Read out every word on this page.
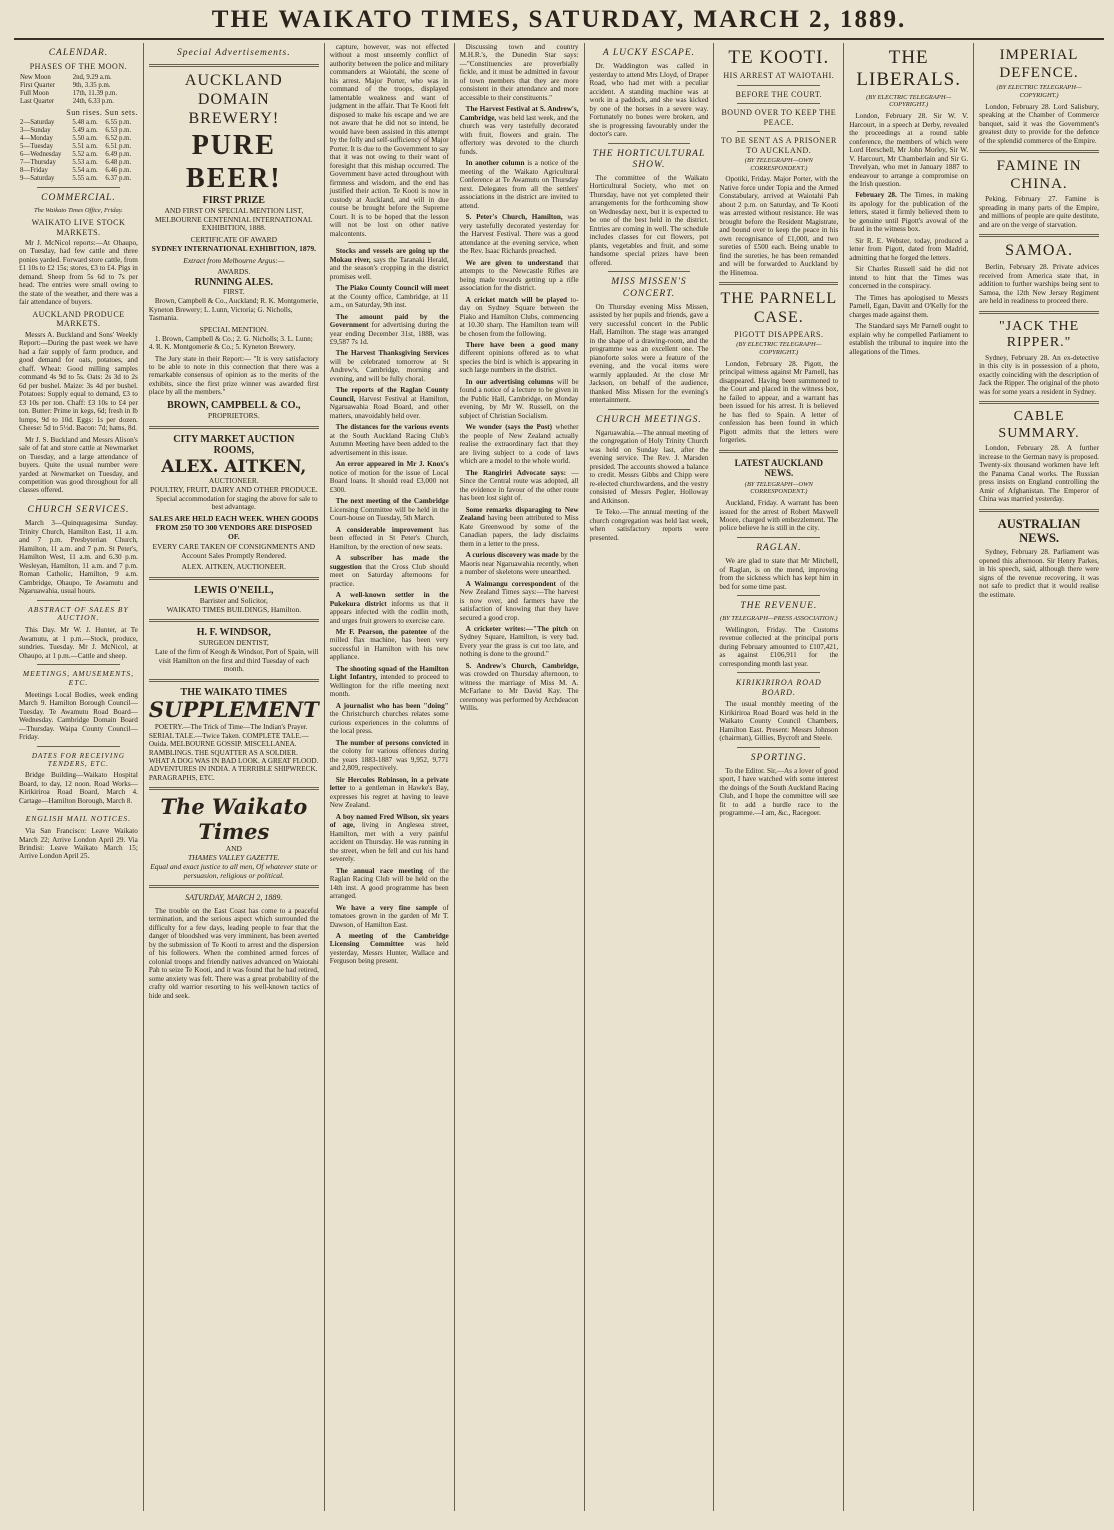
THE WAIKATO TIMES, SATURDAY, MARCH 2, 1889.
CALENDAR.
PHASES OF THE MOON.
New Moon	2nd, 9.29 a.m.
First Quarter	9th, 3.35 p.m.
Full Moon	17th, 11.39 p.m.
Last Quarter	24th, 6.33 p.m.
Sun rises. Sun sets.
2—Saturday	5.48 a.m.	6.55 p.m.
3—Sunday	5.49 a.m.	6.53 p.m.
4—Monday	5.50 a.m.	6.52 p.m.
5—Tuesday	5.51 a.m.	6.51 p.m.
6—Wednesday	5.52 a.m.	6.49 p.m.
7—Thursday	5.53 a.m.	6.48 p.m.
8—Friday	5.54 a.m.	6.46 p.m.
9—Saturday	5.55 a.m.	6.37 p.m.
COMMERCIAL.
The Waikato Times Office, Friday.
WAIKATO LIVE STOCK MARKETS.

Mr J. McNicol reports:—At Ohaupo, on Tuesday, had few cattle and three ponies yarded. Forward store cattle, from £1 10s to £2 15s; stores, £3 to £4. Pigs in demand. Sheep from 5s 6d to 7s per head. The entries were small owing to the state of the weather, and there was a fair attendance of buyers.

AUCKLAND PRODUCE MARKETS.

Messrs A. Buckland and Sons' Weekly Report:—During the past week we have had a fair supply of farm produce, and good demand for oats, potatoes, and chaff. Wheat: Good milling samples command 4s 9d to 5s. Oats: 2s 3d to 2s 6d per bushel. Maize: 3s 4d per bushel. Potatoes: Supply equal to demand, £3 to £3 10s per ton. Chaff: £3 10s to £4 per ton. Butter: Prime in kegs, 6d; fresh in lb lumps, 9d to 10d. Eggs: 1s per dozen. Cheese: 5d to 5½d. Bacon: 7d; hams, 8d.

Mr J. S. Buckland and Messrs Alison's sale of fat and store cattle at Newmarket on Tuesday, and a large attendance of buyers. Quite the usual number were yarded at Newmarket on Tuesday, and competition was good throughout for all classes offered.

CHURCH SERVICES.

March 3—Quinquagesima Sunday. Trinity Church, Hamilton East, 11 a.m. and 7 p.m. Presbyterian Church, Hamilton, 11 a.m. and 7 p.m. St Peter's, Hamilton West, 11 a.m. and 6.30 p.m. Wesleyan, Hamilton, 11 a.m. and 7 p.m. Roman Catholic, Hamilton, 9 a.m. Cambridge, Ohaupo, Te Awamutu and Ngaruawahia, usual hours.

ABSTRACT OF SALES BY AUCTION.

This Day. Mr W. J. Hunter, at Te Awamutu, at 1 p.m.—Stock, produce, sundries. Tuesday. Mr J. McNicol, at Ohaupo, at 1 p.m.—Cattle and sheep.

MEETINGS, AMUSEMENTS, ETC.

Meetings Local Bodies, week ending March 9. Hamilton Borough Council—Tuesday. Te Awamutu Road Board—Wednesday. Cambridge Domain Board—Thursday. Waipa County Council—Friday.

DATES FOR RECEIVING TENDERS, ETC.

Bridge Building—Waikato Hospital Board, to day, 12 noon. Road Works—Kirikiriroa Road Board, March 4. Cartage—Hamilton Borough, March 8.

ENGLISH MAIL NOTICES.

Via San Francisco: Leave Waikato March 22; Arrive London April 29. Via Brindisi: Leave Waikato March 15; Arrive London April 25.

Special Advertisements.
AUCKLAND DOMAIN
BREWERY!
PURE BEER!
FIRST PRIZE
AND FIRST ON SPECIAL MENTION LIST, MELBOURNE CENTENNIAL INTERNATIONAL EXHIBITION, 1888.
CERTIFICATE OF AWARD
SYDNEY INTERNATIONAL EXHIBITION, 1879.
Extract from Melbourne Argus:—
AWARDS.
RUNNING ALES.
FIRST.

Brown, Campbell & Co., Auckland; R. K. Montgomerie, Kyneton Brewery; L. Lunn, Victoria; G. Nicholls, Tasmania.

SPECIAL MENTION.

1. Brown, Campbell & Co.; 2. G. Nicholls; 3. L. Lunn; 4. R. K. Montgomerie & Co.; 5. Kyneton Brewery.

The Jury state in their Report:— "It is very satisfactory to be able to note in this connection that there was a remarkable consensus of opinion as to the merits of the exhibits, since the first prize winner was awarded first place by all the members."

BROWN, CAMPBELL & CO.,
PROPRIETORS.
CITY MARKET AUCTION
ROOMS,
ALEX. AITKEN,
AUCTIONEER.
POULTRY, FRUIT, DAIRY AND OTHER PRODUCE.

Special accommodation for staging the above for sale to best advantage.

SALES ARE HELD EACH WEEK. WHEN GOODS FROM 250 TO 300 VENDORS ARE DISPOSED OF.
EVERY CARE TAKEN OF CONSIGNMENTS AND Account Sales Promptly Rendered.
ALEX. AITKEN, AUCTIONEER.
LEWIS O'NEILL,
Barrister and Solicitor,
WAIKATO TIMES BUILDINGS, Hamilton.
H. F. WINDSOR,
SURGEON DENTIST,

Late of the firm of Keogh & Windsor, Port of Spain, will visit Hamilton on the first and third Tuesday of each month.

THE WAIKATO TIMES
SUPPLEMENT

POETRY.—The Trick of Time—The Indian's Prayer. SERIAL TALE.—Twice Taken. COMPLETE TALE.—Ouida. MELBOURNE GOSSIP. MISCELLANEA. RAMBLINGS. THE SQUATTER AS A SOLDIER. WHAT A DOG WAS IN BAD LOOK. A GREAT FLOOD. ADVENTURES IN INDIA. A TERRIBLE SHIPWRECK. PARAGRAPHS, ETC.

The Waikato Times
AND
THAMES VALLEY GAZETTE.
Equal and exact justice to all men, Of whatever state or persuasion, religious or political.
SATURDAY, MARCH 2, 1889.

The trouble on the East Coast has come to a peaceful termination, and the serious aspect which surrounded the difficulty for a few days, leading people to fear that the danger of bloodshed was very imminent, has been averted by the submission of Te Kooti to arrest and the dispersion of his followers. When the combined armed forces of colonial troops and friendly natives advanced on Waiotahi Pah to seize Te Kooti, and it was found that he had retired, some anxiety was felt. There was a great probability of the crafty old warrior resorting to his well-known tactics of hide and seek.

capture, however, was not effected without a most unseemly conflict of authority between the police and military commanders at Waiotahi, the scene of his arrest. Major Porter, who was in command of the troops, displayed lamentable weakness and want of judgment in the affair. That Te Kooti felt disposed to make his escape and we are not aware that he did not so intend, he would have been assisted in this attempt by the folly and self-sufficiency of Major Porter. It is due to the Government to say that it was not owing to their want of foresight that this mishap occurred. The Government have acted throughout with firmness and wisdom, and the end has justified their action. Te Kooti is now in custody at Auckland, and will in due course be brought before the Supreme Court. It is to be hoped that the lesson will not be lost on other native malcontents.

Stocks and vessels are going up the Mokau river, says the Taranaki Herald, and the season's cropping in the district promises well.

The Piako County Council will meet at the County office, Cambridge, at 11 a.m., on Saturday, 9th inst.

The amount paid by the Government for advertising during the year ending December 31st, 1888, was £9,587 7s 1d.

The Harvest Thanksgiving Services will be celebrated tomorrow at St Andrew's, Cambridge, morning and evening, and will be fully choral.

The reports of the Raglan County Council, Harvest Festival at Hamilton, Ngaruawahia Road Board, and other matters, unavoidably held over.

The distances for the various events at the South Auckland Racing Club's Autumn Meeting have been added to the advertisement in this issue.

An error appeared in Mr J. Knox's notice of motion for the issue of Local Board loans. It should read £3,000 not £300.

The next meeting of the Cambridge Licensing Committee will be held in the Court-house on Tuesday, 5th March.

A considerable improvement has been effected in St Peter's Church, Hamilton, by the erection of new seats.

A subscriber has made the suggestion that the Cross Club should meet on Saturday afternoons for practice.

A well-known settler in the Pukekura district informs us that it appears infected with the codlin moth, and urges fruit growers to exercise care.

Mr F. Pearson, the patentee of the milled flax machine, has been very successful in Hamilton with his new appliance.

The shooting squad of the Hamilton Light Infantry, intended to proceed to Wellington for the rifle meeting next month.

A journalist who has been "doing" the Christchurch churches relates some curious experiences in the columns of the local press.

The number of persons convicted in the colony for various offences during the years 1883-1887 was 9,952, 9,771 and 2,809, respectively.

Sir Hercules Robinson, in a private letter to a gentleman in Hawke's Bay, expresses his regret at having to leave New Zealand.

A boy named Fred Wilson, six years of age, living in Anglesea street, Hamilton, met with a very painful accident on Thursday. He was running in the street, when he fell and cut his hand severely.

The annual race meeting of the Raglan Racing Club will be held on the 14th inst. A good programme has been arranged.

We have a very fine sample of tomatoes grown in the garden of Mr T. Dawson, of Hamilton East.

A meeting of the Cambridge Licensing Committee was held yesterday, Messrs Hunter, Wallace and Ferguson being present.

Discussing town and country M.H.R.'s, the Dunedin Star says:—"Constituencies are proverbially fickle, and it must be admitted in favour of town members that they are more consistent in their attendance and more accessible to their constituents."

The Harvest Festival at S. Andrew's, Cambridge, was held last week, and the church was very tastefully decorated with fruit, flowers and grain. The offertory was devoted to the church funds.

In another column is a notice of the meeting of the Waikato Agricultural Conference at Te Awamutu on Thursday next. Delegates from all the settlers' associations in the district are invited to attend.

S. Peter's Church, Hamilton, was very tastefully decorated yesterday for the Harvest Festival. There was a good attendance at the evening service, when the Rev. Isaac Richards preached.

We are given to understand that attempts to the Newcastle Rifles are being made towards getting up a rifle association for the district.

A cricket match will be played to-day on Sydney Square between the Piako and Hamilton Clubs, commencing at 10.30 sharp. The Hamilton team will be chosen from the following.

There have been a good many different opinions offered as to what species the bird is which is appearing in such large numbers in the district.

In our advertising columns will be found a notice of a lecture to be given in the Public Hall, Cambridge, on Monday evening, by Mr W. Russell, on the subject of Christian Socialism.

We wonder (says the Post) whether the people of New Zealand actually realise the extraordinary fact that they are living subject to a code of laws which are a model to the whole world.

The Rangiriri Advocate says: —Since the Central route was adopted, all the evidence in favour of the other route has been lost sight of.

Some remarks disparaging to New Zealand having been attributed to Miss Kate Greenwood by some of the Canadian papers, the lady disclaims them in a letter to the press.

A curious discovery was made by the Maoris near Ngaruawahia recently, when a number of skeletons were unearthed.

A Waimangu correspondent of the New Zealand Times says:—The harvest is now over, and farmers have the satisfaction of knowing that they have secured a good crop.

A cricketer writes:—"The pitch on Sydney Square, Hamilton, is very bad. Every year the grass is cut too late, and nothing is done to the ground."

S. Andrew's Church, Cambridge, was crowded on Thursday afternoon, to witness the marriage of Miss M. A. McFarlane to Mr David Kay. The ceremony was performed by Archdeacon Willis.

A LUCKY ESCAPE.

Dr. Waddington was called in yesterday to attend Mrs Lloyd, of Draper Road, who had met with a peculiar accident. A standing machine was at work in a paddock, and she was kicked by one of the horses in a severe way. Fortunately no bones were broken, and she is progressing favourably under the doctor's care.

THE HORTICULTURAL SHOW.

The committee of the Waikato Horticultural Society, who met on Thursday, have not yet completed their arrangements for the forthcoming show on Wednesday next, but it is expected to be one of the best held in the district. Entries are coming in well. The schedule includes classes for cut flowers, pot plants, vegetables and fruit, and some handsome special prizes have been offered.

MISS MISSEN'S CONCERT.

On Thursday evening Miss Missen, assisted by her pupils and friends, gave a very successful concert in the Public Hall, Hamilton. The stage was arranged in the shape of a drawing-room, and the programme was an excellent one. The pianoforte solos were a feature of the evening, and the vocal items were warmly applauded. At the close Mr Jackson, on behalf of the audience, thanked Miss Missen for the evening's entertainment.

CHURCH MEETINGS.

Ngaruawahia.—The annual meeting of the congregation of Holy Trinity Church was held on Sunday last, after the evening service. The Rev. J. Marsden presided. The accounts showed a balance to credit. Messrs Gibbs and Chipp were re-elected churchwardens, and the vestry consisted of Messrs Pegler, Holloway and Atkinson.

Te Teko.—The annual meeting of the church congregation was held last week, when satisfactory reports were presented.

TE KOOTI.
HIS ARREST AT WAIOTAHI.
BEFORE THE COURT.
BOUND OVER TO KEEP THE PEACE.
TO BE SENT AS A PRISONER TO AUCKLAND.
(BY TELEGRAPH—OWN CORRESPONDENT.)

Opotiki, Friday. Major Porter, with the Native force under Topia and the Armed Constabulary, arrived at Waiotahi Pah about 2 p.m. on Saturday, and Te Kooti was arrested without resistance. He was brought before the Resident Magistrate, and bound over to keep the peace in his own recognisance of £1,000, and two sureties of £500 each. Being unable to find the sureties, he has been remanded and will be forwarded to Auckland by the Hinemoa.

THE PARNELL CASE.
PIGOTT DISAPPEARS.
(BY ELECTRIC TELEGRAPH—COPYRIGHT.)

London, February 28. Pigott, the principal witness against Mr Parnell, has disappeared. Having been summoned to the Court and placed in the witness box, he failed to appear, and a warrant has been issued for his arrest. It is believed he has fled to Spain. A letter of confession has been found in which Pigott admits that the letters were forgeries.

LATEST AUCKLAND NEWS.
(BY TELEGRAPH—OWN CORRESPONDENT.)

Auckland, Friday. A warrant has been issued for the arrest of Robert Maxwell Moore, charged with embezzlement. The police believe he is still in the city.

RAGLAN.

We are glad to state that Mr Mitchell, of Raglan, is on the mend, improving from the sickness which has kept him in bed for some time past.

THE REVENUE.
(BY TELEGRAPH—PRESS ASSOCIATION.)

Wellington, Friday. The Customs revenue collected at the principal ports during February amounted to £107,421, as against £106,911 for the corresponding month last year.

KIRIKIRIROA ROAD BOARD.

The usual monthly meeting of the Kirikiriroa Road Board was held in the Waikato County Council Chambers, Hamilton East. Present: Messrs Johnson (chairman), Gillies, Bycroft and Steele.

SPORTING.

To the Editor. Sir,—As a lover of good sport, I have watched with some interest the doings of the South Auckland Racing Club, and I hope the committee will see fit to add a hurdle race to the programme.—I am, &c., Racegoer.

THE LIBERALS.
(BY ELECTRIC TELEGRAPH—COPYRIGHT.)

London, February 28. Sir W. V. Harcourt, in a speech at Derby, revealed the proceedings at a round table conference, the members of which were Lord Herschell, Mr John Morley, Sir W. V. Harcourt, Mr Chamberlain and Sir G. Trevelyan, who met in January 1887 to endeavour to arrange a compromise on the Irish question.

February 28. The Times, in making its apology for the publication of the letters, stated it firmly believed them to be genuine until Pigott's avowal of the fraud in the witness box.

Sir R. E. Webster, today, produced a letter from Pigott, dated from Madrid, admitting that he forged the letters.

Sir Charles Russell said he did not intend to hint that the Times was concerned in the conspiracy.

The Times has apologised to Messrs Parnell, Egan, Davitt and O'Kelly for the charges made against them.

The Standard says Mr Parnell ought to explain why he compelled Parliament to establish the tribunal to inquire into the allegations of the Times.

IMPERIAL DEFENCE.
(BY ELECTRIC TELEGRAPH—COPYRIGHT.)

London, February 28. Lord Salisbury, speaking at the Chamber of Commerce banquet, said it was the Government's greatest duty to provide for the defence of the splendid commerce of the Empire.

FAMINE IN CHINA.

Peking, February 27. Famine is spreading in many parts of the Empire, and millions of people are quite destitute, and are on the verge of starvation.

SAMOA.

Berlin, February 28. Private advices received from America state that, in addition to further warships being sent to Samoa, the 12th New Jersey Regiment are held in readiness to proceed there.

"JACK THE RIPPER."

Sydney, February 28. An ex-detective in this city is in possession of a photo, exactly coinciding with the description of Jack the Ripper. The original of the photo was for some years a resident in Sydney.

CABLE SUMMARY.

London, February 28. A further increase to the German navy is proposed. Twenty-six thousand workmen have left the Panama Canal works. The Russian press insists on England controlling the Amir of Afghanistan. The Emperor of China was married yesterday.

AUSTRALIAN NEWS.

Sydney, February 28. Parliament was opened this afternoon. Sir Henry Parkes, in his speech, said, although there were signs of the revenue recovering, it was not safe to predict that it would realise the estimate.
